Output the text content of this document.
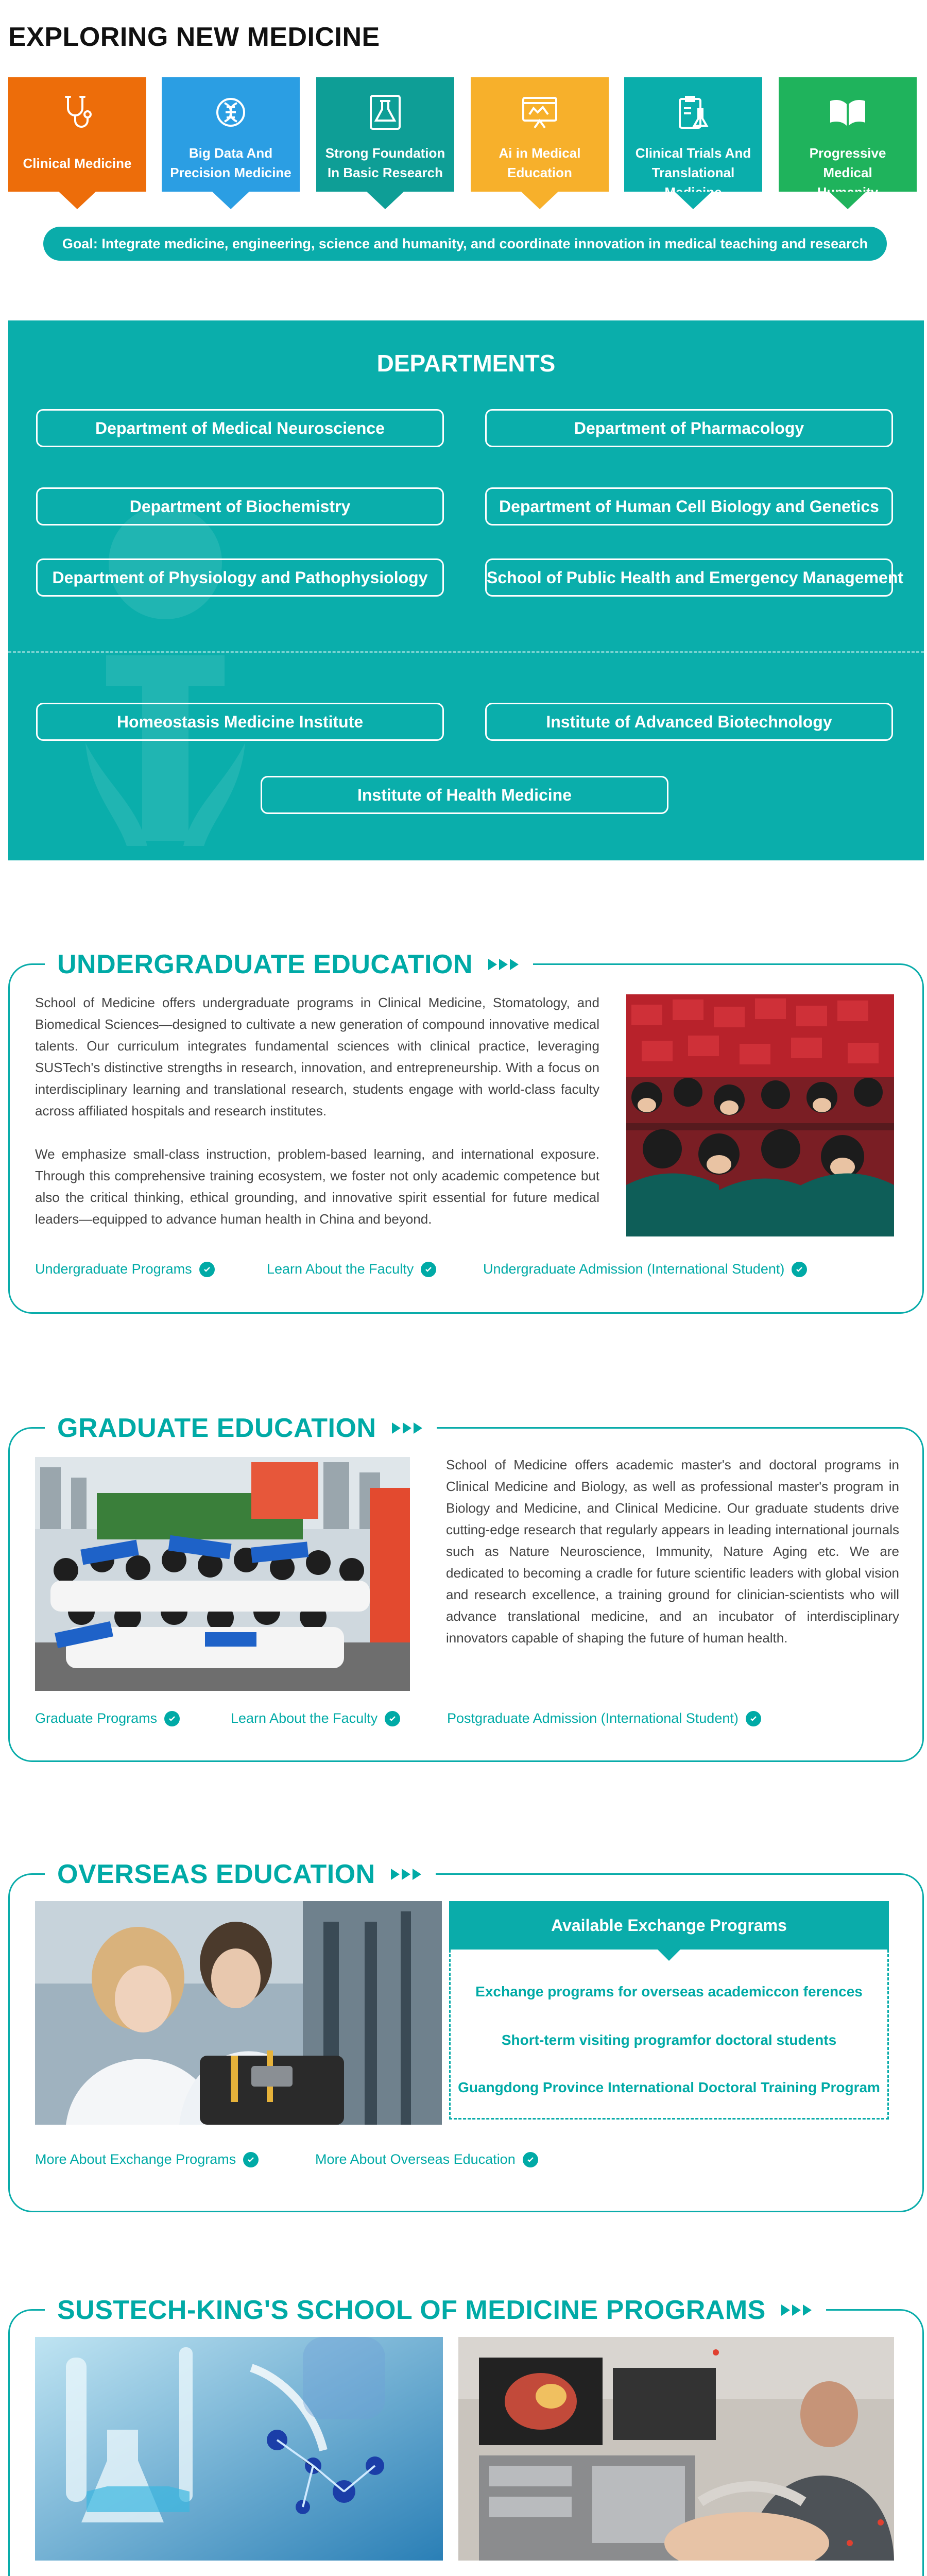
EXPLORING NEW MEDICINE
Clinical Medicine
Big Data And
Precision Medicine
Strong Foundation
In Basic Research
Ai in Medical
Education
Clinical Trials And
Translational Medicine
Progressive Medical
Humanity
Goal: Integrate medicine, engineering, science and humanity, and coordinate innovation in medical teaching and research
DEPARTMENTS
Department of Medical Neuroscience	Department of Pharmacology
Department of Biochemistry	Department of Human Cell Biology and Genetics
Department of Physiology and Pathophysiology	School of Public Health and Emergency Management
Homeostasis Medicine Institute	Institute of Advanced Biotechnology
Institute of Health Medicine
UNDERGRADUATE EDUCATION

School of Medicine offers undergraduate programs in Clinical Medicine, Stomatology, and Biomedical Sciences—designed to cultivate a new generation of compound innovative medical talents. Our curriculum integrates fundamental sciences with clinical practice, leveraging SUSTech's distinctive strengths in research, innovation, and entrepreneurship. With a focus on interdisciplinary learning and translational research, students engage with world-class faculty across affiliated hospitals and research institutes.

We emphasize small-class instruction, problem-based learning, and international exposure. Through this comprehensive training ecosystem, we foster not only academic competence but also the critical thinking, ethical grounding, and innovative spirit essential for future medical leaders—equipped to advance human health in China and beyond.

Undergraduate Programs	Learn About the Faculty	Undergraduate Admission (International Student)
GRADUATE EDUCATION

School of Medicine offers academic master's and doctoral programs in Clinical Medicine and Biology, as well as professional master's program in Biology and Medicine, and Clinical Medicine. Our graduate students drive cutting-edge research that regularly appears in leading international journals such as Nature Neuroscience, Immunity, Nature Aging etc. We are dedicated to becoming a cradle for future scientific leaders with global vision and research excellence, a training ground for clinician-scientists who will advance translational medicine, and an incubator of interdisciplinary innovators capable of shaping the future of human health.

Graduate Programs	Learn About the Faculty	Postgraduate Admission (International Student)
OVERSEAS EDUCATION
Available Exchange Programs
Exchange programs for overseas academiccon ferences
Short-term visiting programfor doctoral students
Guangdong Province International Doctoral Training Program
More About Exchange Programs	More About Overseas Education
SUSTECH-KING'S SCHOOL OF MEDICINE PROGRAMS
